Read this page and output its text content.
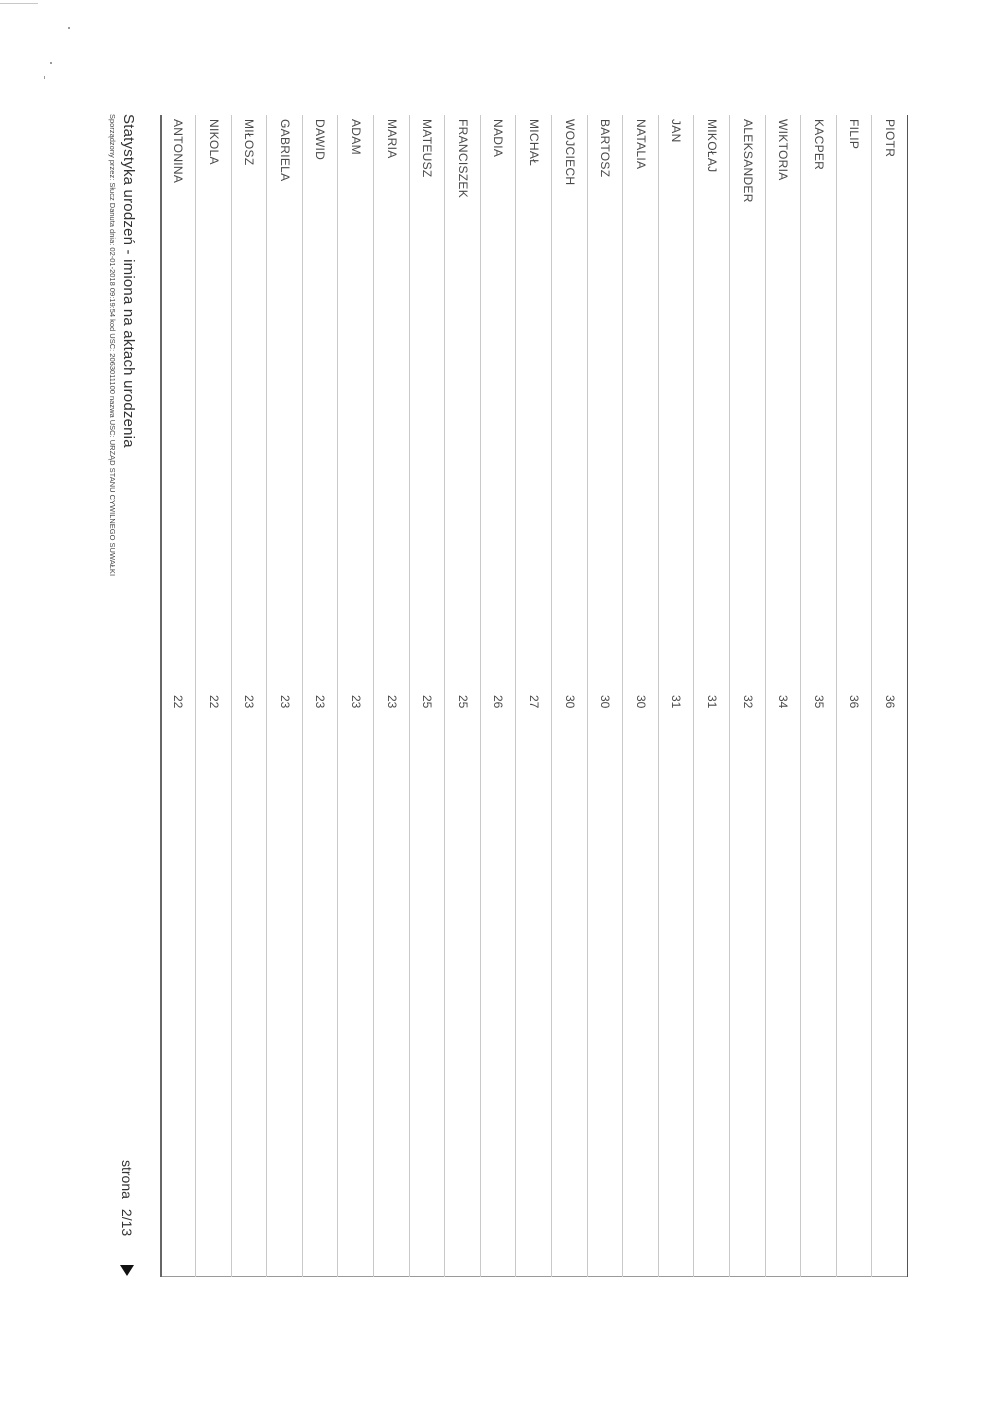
PIOTR
36
FILIP
36
KACPER
35
WIKTORIA
34
ALEKSANDER
32
MIKOŁAJ
31
JAN
31
NATALIA
30
BARTOSZ
30
WOJCIECH
30
MICHAŁ
27
NADIA
26
FRANCISZEK
25
MATEUSZ
25
MARIA
23
ADAM
23
DAWID
23
GABRIELA
23
MIŁOSZ
23
NIKOLA
22
ANTONINA
22
Statystyka urodzeń - imiona na aktach urodzenia
Sporządzony przez: Słucz Danuta dnia: 02-01-2018 09:19:54 kod USC: 2063011100 nazwa USC: URZĄD STANU CYWILNEGO SUWAŁKI
strona2/13
